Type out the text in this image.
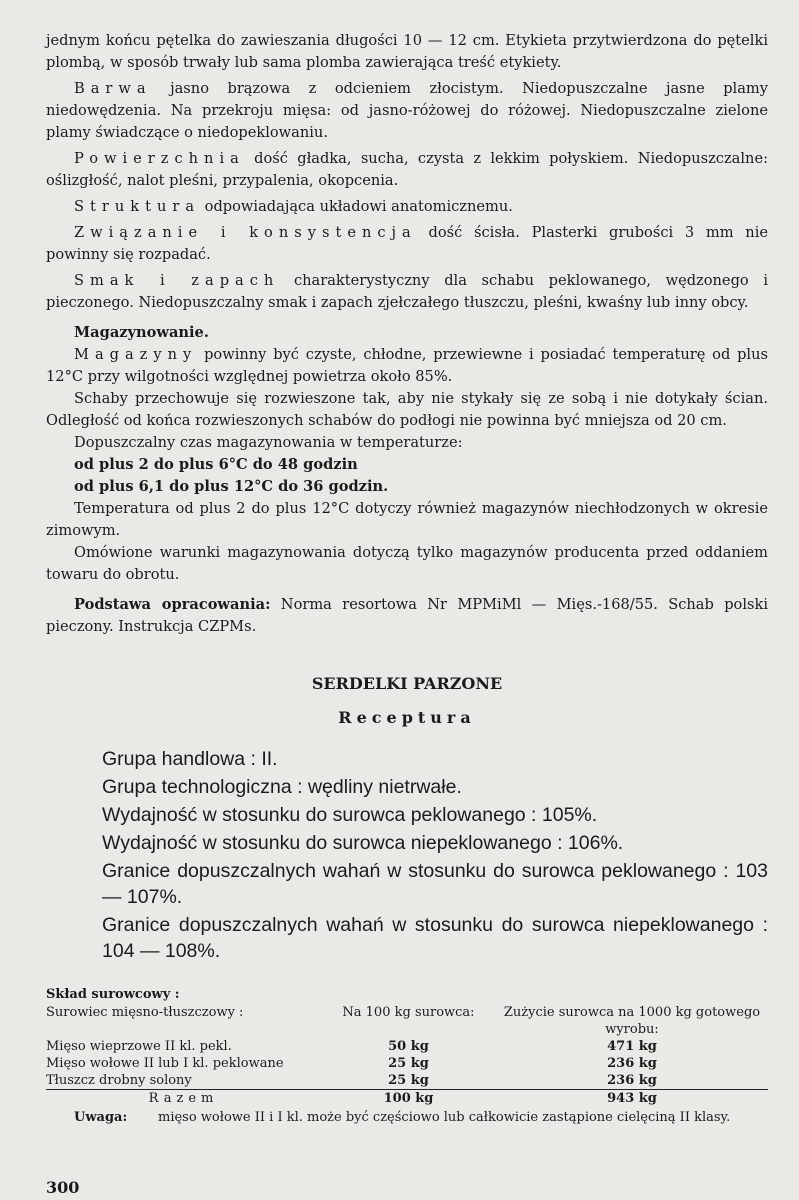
jednym końcu pętelka do zawieszania długości 10 — 12 cm. Etykieta przytwierdzona do pętelki plombą, w sposób trwały lub sama plomba zawierająca treść etykiety.

Barwa jasno brązowa z odcieniem złocistym. Niedopuszczalne jasne plamy niedowędzenia. Na przekroju mięsa: od jasno-różowej do różowej. Niedopuszczalne zielone plamy świadczące o niedopeklowaniu.

Powierzchnia dość gładka, sucha, czysta z lekkim połyskiem. Niedopuszczalne: oślizgłość, nalot pleśni, przypalenia, okopcenia.

Struktura odpowiadająca układowi anatomicznemu.

Związanie i konsystencja dość ścisła. Plasterki grubości 3 mm nie powinny się rozpadać.

Smak i zapach charakterystyczny dla schabu peklowanego, wędzonego i pieczonego. Niedopuszczalny smak i zapach zjełczałego tłuszczu, pleśni, kwaśny lub inny obcy.

Magazynowanie.

Magazyny powinny być czyste, chłodne, przewiewne i posiadać temperaturę od plus 12°C przy wilgotności względnej powietrza około 85%.

Schaby przechowuje się rozwieszone tak, aby nie stykały się ze sobą i nie dotykały ścian. Odległość od końca rozwieszonych schabów do podłogi nie powinna być mniejsza od 20 cm.

Dopuszczalny czas magazynowania w temperaturze:

od plus 2 do plus 6°C do 48 godzin

od plus 6,1 do plus 12°C do 36 godzin.

Temperatura od plus 2 do plus 12°C dotyczy również magazynów niechłodzonych w okresie zimowym.

Omówione warunki magazynowania dotyczą tylko magazynów producenta przed oddaniem towaru do obrotu.

Podstawa opracowania: Norma resortowa Nr MPMiMl — Mięs.-168/55. Schab polski pieczony. Instrukcja CZPMs.

SERDELKI PARZONE

Receptura

Grupa handlowa : II.

Grupa technologiczna : wędliny nietrwałe.

Wydajność w stosunku do surowca peklowanego : 105%.

Wydajność w stosunku do surowca niepeklowanego : 106%.

Granice dopuszczalnych wahań w stosunku do surowca peklowanego : 103 — 107%.

Granice dopuszczalnych wahań w stosunku do surowca niepeklowanego : 104 — 108%.

Skład surowcowy :

Surowiec mięsno-tłuszczowy :	Na 100 kg surowca:	Zużycie surowca na 1000 kg gotowego wyrobu:
Mięso wieprzowe II kl. pekl.	50 kg	471 kg
Mięso wołowe II lub I kl. peklowane	25 kg	236 kg
Tłuszcz drobny solony	25 kg	236 kg
Razem	100 kg	943 kg
Uwaga: mięso wołowe II i I kl. może być częściowo lub całkowicie zastąpione cielęciną II klasy.
300
